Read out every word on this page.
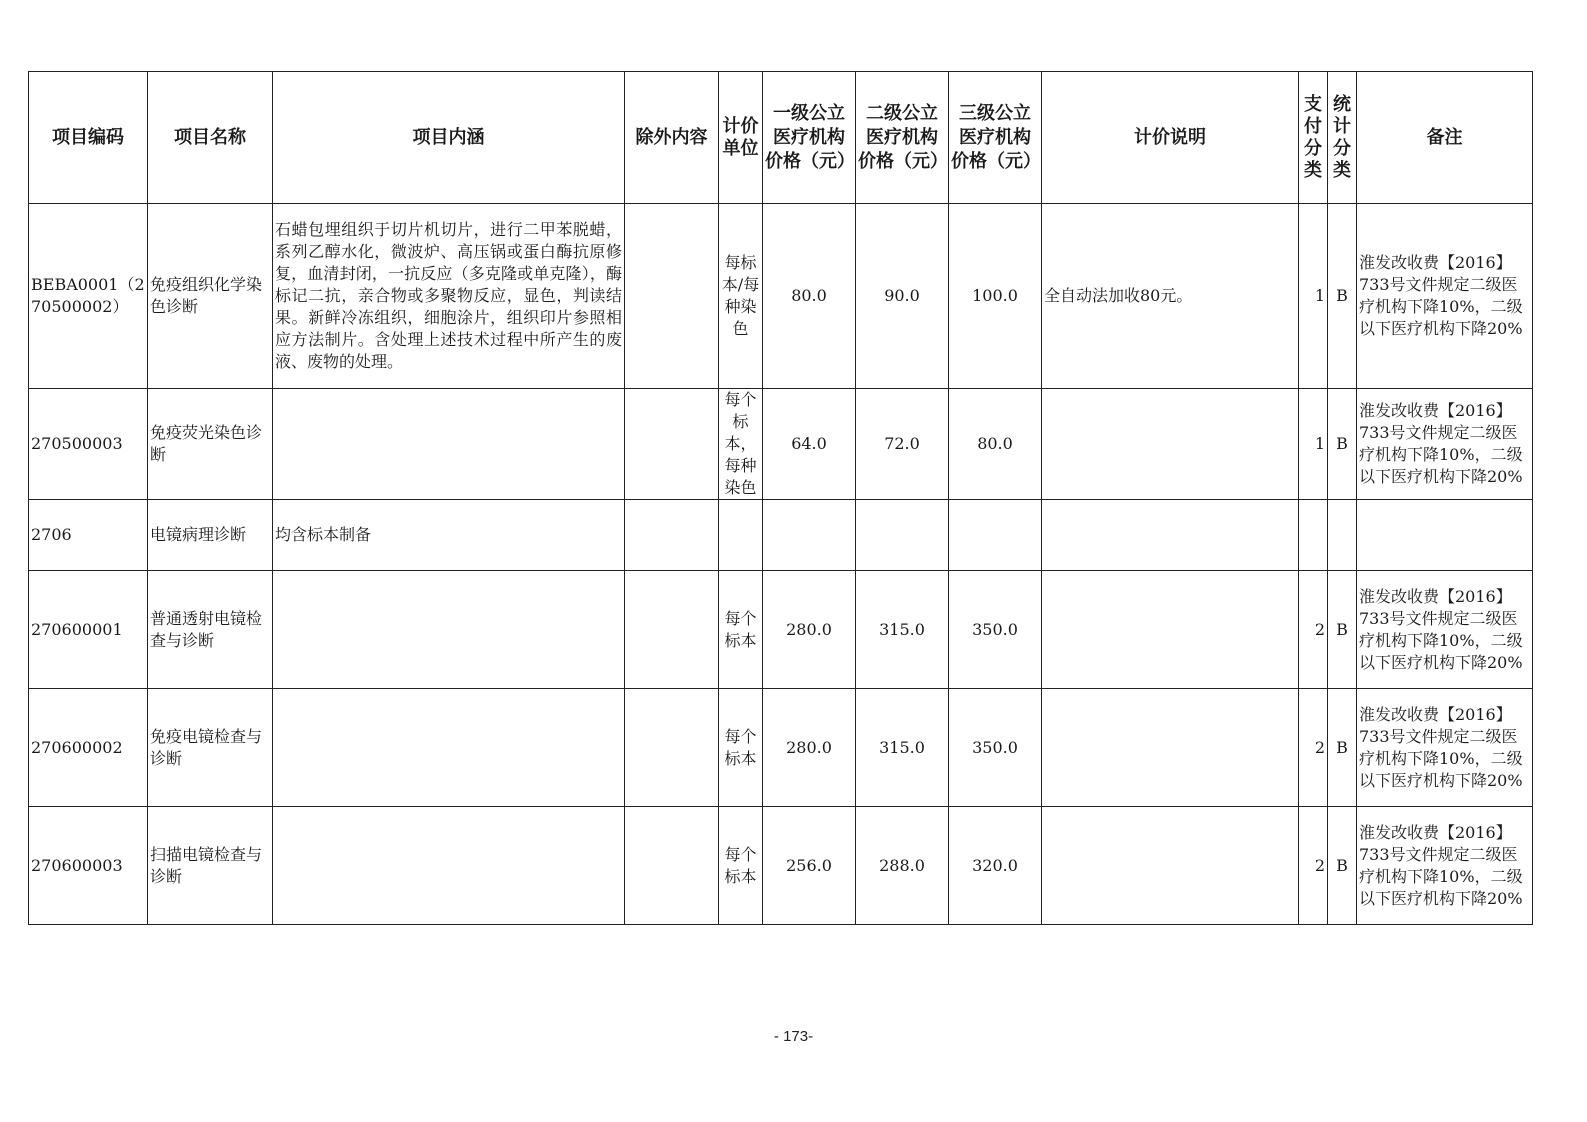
项目编码	项目名称	项目内涵	除外内容	计价单位	一级公立医疗机构价格（元）	二级公立医疗机构价格（元）	三级公立医疗机构价格（元）	计价说明	支付分类	统计分类	备注
BEBA0001（270500002）	免疫组织化学染色诊断	石蜡包埋组织于切片机切片，进行二甲苯脱蜡，系列乙醇水化，微波炉、高压锅或蛋白酶抗原修复，血清封闭，一抗反应（多克隆或单克隆），酶标记二抗，亲合物或多聚物反应，显色，判读结果。新鲜冷冻组织，细胞涂片，组织印片参照相应方法制片。含处理上述技术过程中所产生的废液、废物的处理。		每标本/每种染色	80.0	90.0	100.0	全自动法加收80元。	1	B	淮发改收费【2016】733号文件规定二级医疗机构下降10%，二级以下医疗机构下降20%
270500003	免疫荧光染色诊断			每个标本，每种染色	64.0	72.0	80.0		1	B	淮发改收费【2016】733号文件规定二级医疗机构下降10%，二级以下医疗机构下降20%
2706	电镜病理诊断	均含标本制备									
270600001	普通透射电镜检查与诊断			每个标本	280.0	315.0	350.0		2	B	淮发改收费【2016】733号文件规定二级医疗机构下降10%，二级以下医疗机构下降20%
270600002	免疫电镜检查与诊断			每个标本	280.0	315.0	350.0		2	B	淮发改收费【2016】733号文件规定二级医疗机构下降10%，二级以下医疗机构下降20%
270600003	扫描电镜检查与诊断			每个标本	256.0	288.0	320.0		2	B	淮发改收费【2016】733号文件规定二级医疗机构下降10%，二级以下医疗机构下降20%
- 173-
